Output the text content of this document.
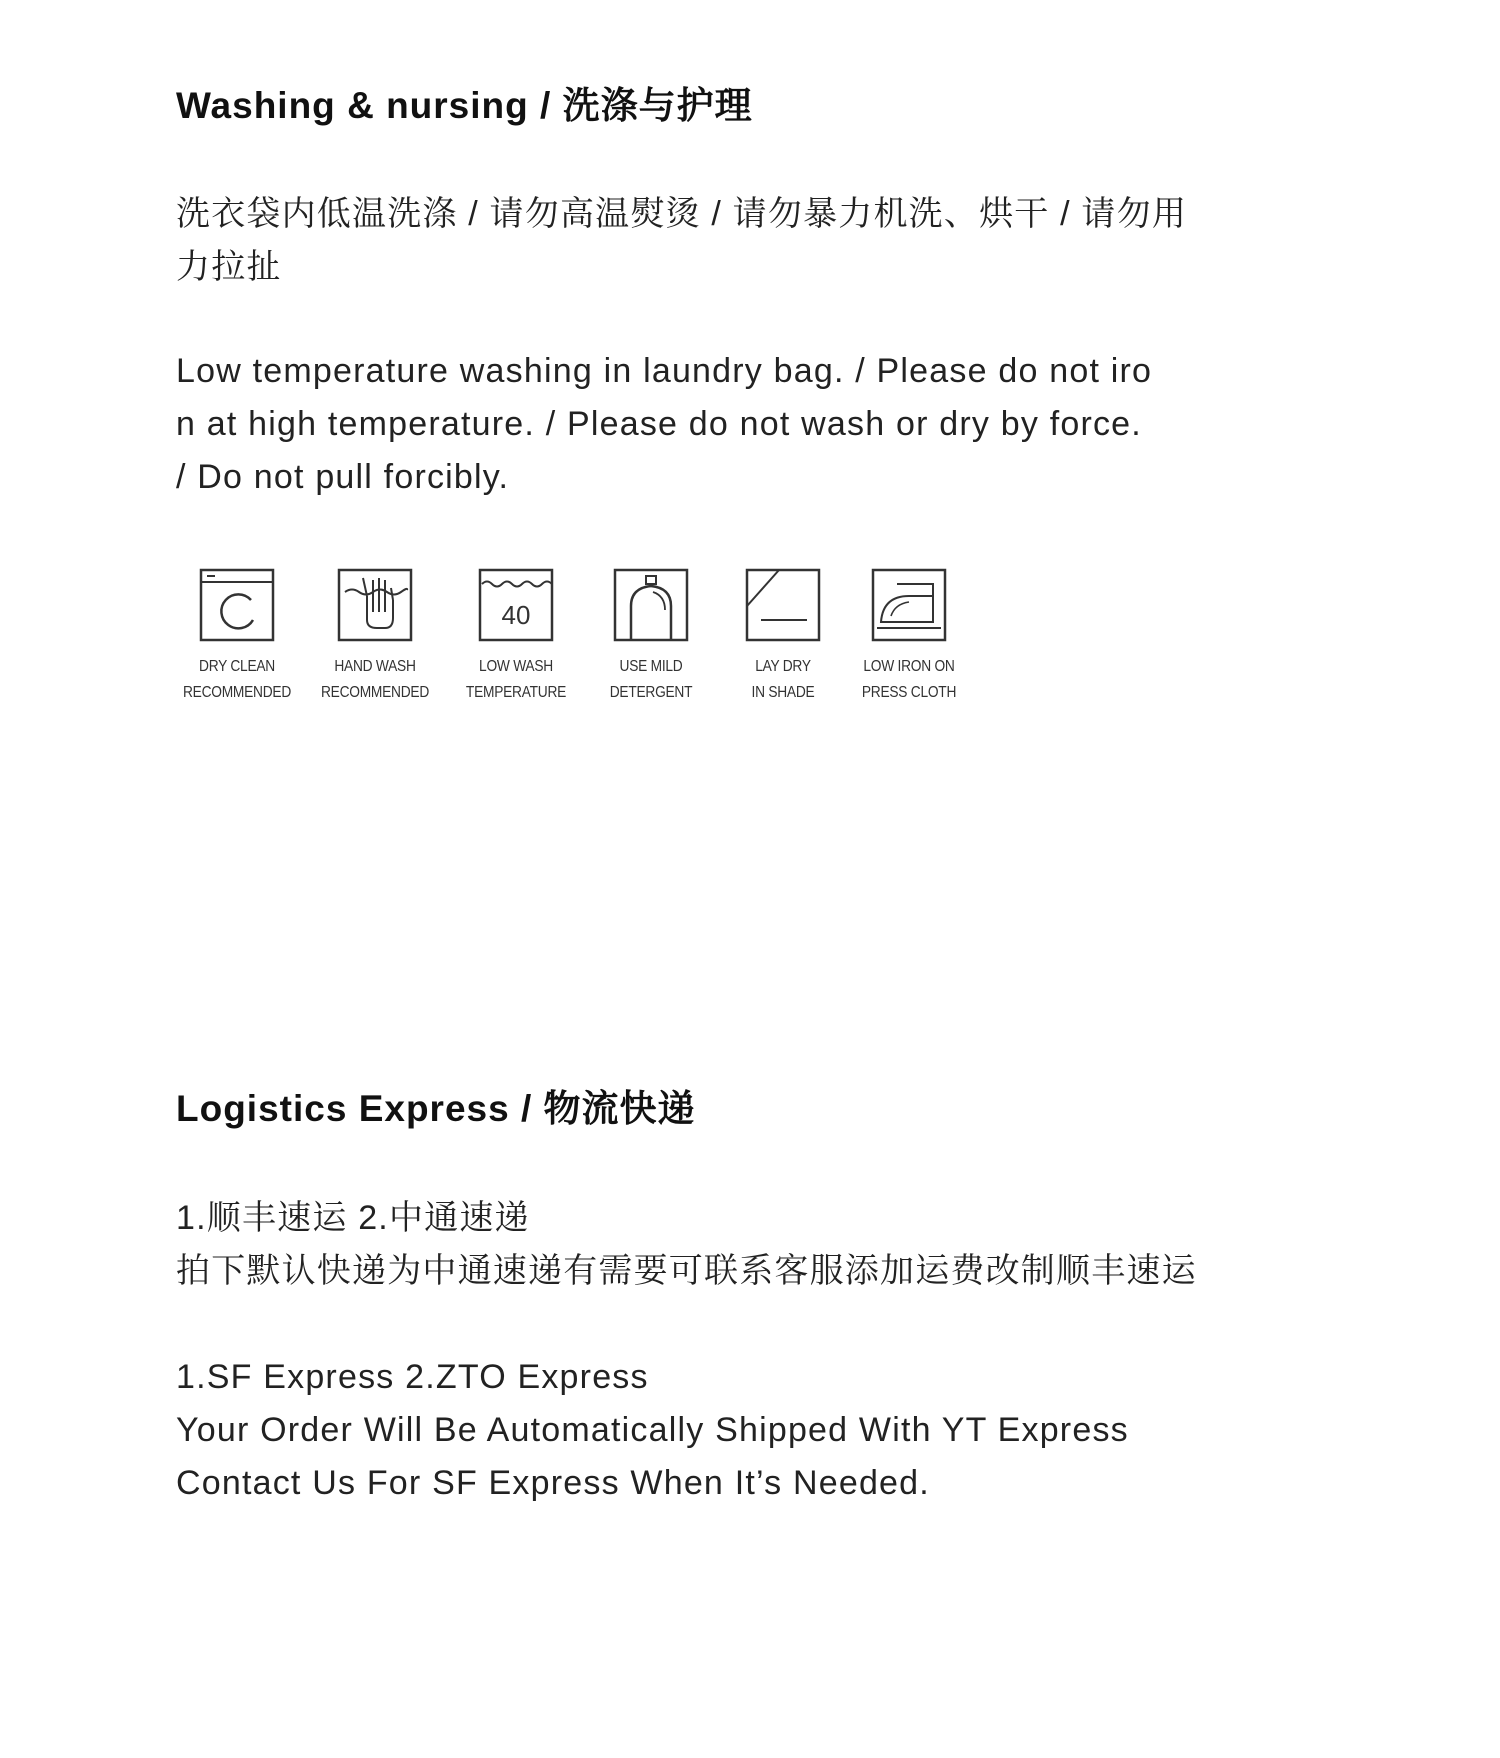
Washing & nursing / 洗涤与护理

洗衣袋内低温洗涤 / 请勿高温熨烫 / 请勿暴力机洗、烘干 / 请勿用
力拉扯

Low temperature washing in laundry bag. / Please do not iro
n at high temperature. / Please do not wash or dry by force.
/ Do not pull forcibly.

DRY CLEAN
RECOMMENDED
HAND WASH
RECOMMENDED
40
LOW WASH
TEMPERATURE
USE MILD
DETERGENT
LAY DRY
IN SHADE
LOW IRON ON
PRESS CLOTH
Logistics Express / 物流快递

1.顺丰速运 2.中通速递
拍下默认快递为中通速递有需要可联系客服添加运费改制顺丰速运

1.SF Express 2.ZTO Express
Your Order Will Be Automatically Shipped With YT Express
Contact Us For SF Express When It’s Needed.
